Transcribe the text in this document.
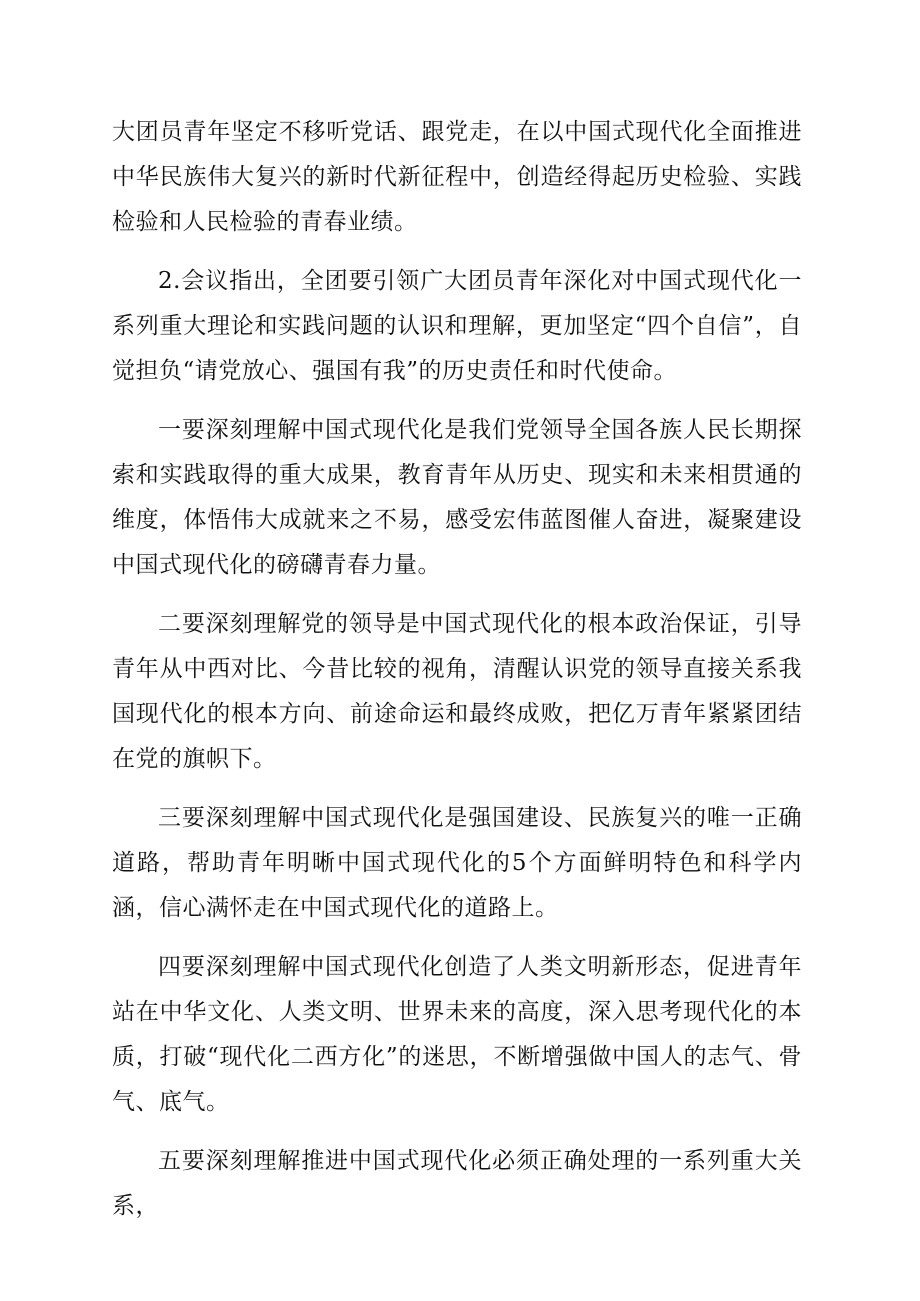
大团员青年坚定不移听党话、跟党走，在以中国式现代化全面推进中华民族伟大复兴的新时代新征程中，创造经得起历史检验、实践检验和人民检验的青春业绩。

2.会议指出，全团要引领广大团员青年深化对中国式现代化一系列重大理论和实践问题的认识和理解，更加坚定“四个自信”，自觉担负“请党放心、强国有我”的历史责任和时代使命。

一要深刻理解中国式现代化是我们党领导全国各族人民长期探索和实践取得的重大成果，教育青年从历史、现实和未来相贯通的维度，体悟伟大成就来之不易，感受宏伟蓝图催人奋进，凝聚建设中国式现代化的磅礴青春力量。

二要深刻理解党的领导是中国式现代化的根本政治保证，引导青年从中西对比、今昔比较的视角，清醒认识党的领导直接关系我国现代化的根本方向、前途命运和最终成败，把亿万青年紧紧团结在党的旗帜下。

三要深刻理解中国式现代化是强国建设、民族复兴的唯一正确道路，帮助青年明晰中国式现代化的5个方面鲜明特色和科学内涵，信心满怀走在中国式现代化的道路上。

四要深刻理解中国式现代化创造了人类文明新形态，促进青年站在中华文化、人类文明、世界未来的高度，深入思考现代化的本质，打破“现代化二西方化”的迷思，不断增强做中国人的志气、骨气、底气。

五要深刻理解推进中国式现代化必须正确处理的一系列重大关系，
